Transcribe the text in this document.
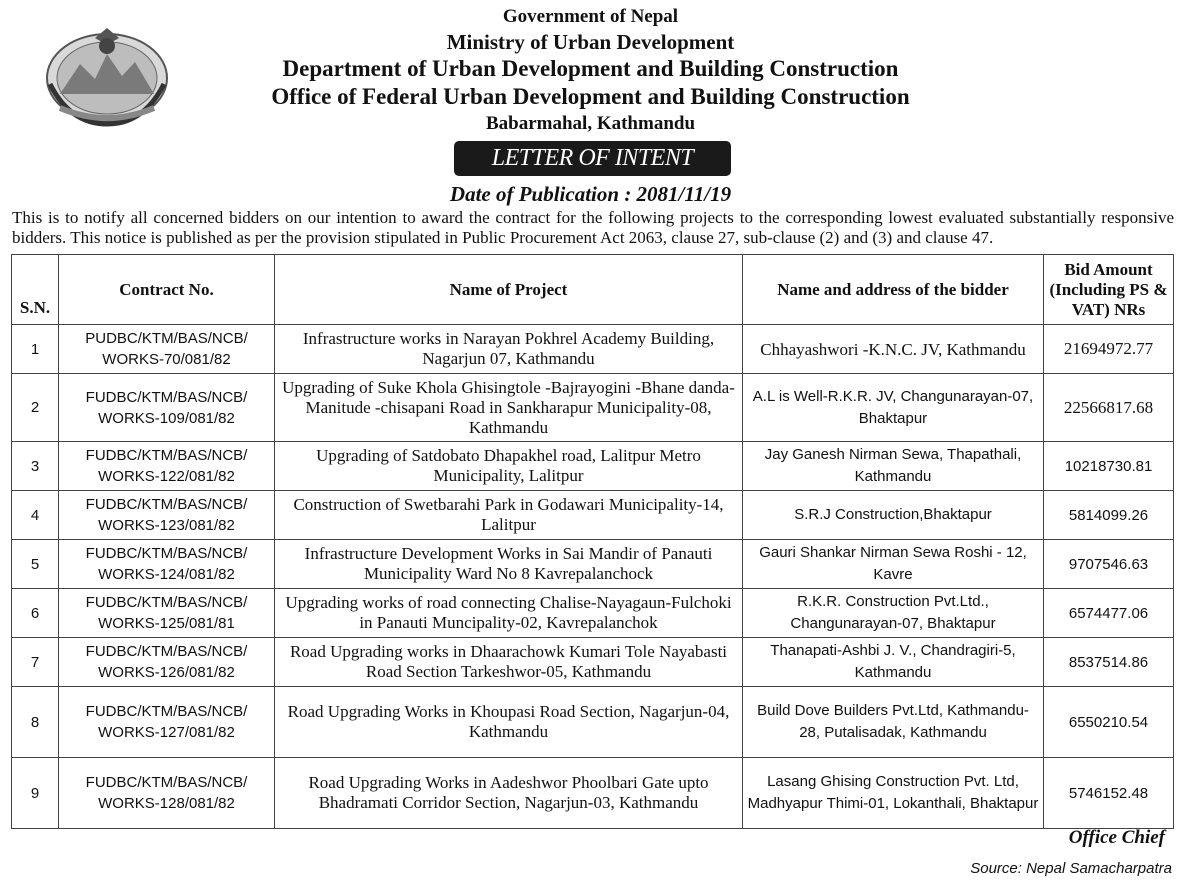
Government of Nepal
Ministry of Urban Development
Department of Urban Development and Building Construction
Office of Federal Urban Development and Building Construction
Babarmahal, Kathmandu
LETTER OF INTENT
Date of Publication : 2081/11/19
This is to notify all concerned bidders on our intention to award the contract for the following projects to the corresponding lowest evaluated substantially responsive bidders. This notice is published as per the provision stipulated in Public Procurement Act 2063, clause 27, sub-clause (2) and (3) and clause 47.
S.N.	Contract No.	Name of Project	Name and address of the bidder	Bid Amount (Including PS & VAT) NRs
1	PUDBC/KTM/BAS/NCB/ WORKS-70/081/82	Infrastructure works in Narayan Pokhrel Academy Building, Nagarjun 07, Kathmandu	Chhayashwori -K.N.C. JV, Kathmandu	21694972.77
2	FUDBC/KTM/BAS/NCB/ WORKS-109/081/82	Upgrading of Suke Khola Ghisingtole -Bajrayogini -Bhane danda- Manitude -chisapani Road in Sankharapur Municipality-08, Kathmandu	A.L is Well-R.K.R. JV, Changunarayan-07, Bhaktapur	22566817.68
3	FUDBC/KTM/BAS/NCB/ WORKS-122/081/82	Upgrading of Satdobato Dhapakhel road, Lalitpur Metro Municipality, Lalitpur	Jay Ganesh Nirman Sewa, Thapathali, Kathmandu	10218730.81
4	FUDBC/KTM/BAS/NCB/ WORKS-123/081/82	Construction of Swetbarahi Park in Godawari Municipality-14, Lalitpur	S.R.J Construction,Bhaktapur	5814099.26
5	FUDBC/KTM/BAS/NCB/ WORKS-124/081/82	Infrastructure Development Works in Sai Mandir of Panauti Municipality Ward No 8 Kavrepalanchock	Gauri Shankar Nirman Sewa Roshi - 12, Kavre	9707546.63
6	FUDBC/KTM/BAS/NCB/ WORKS-125/081/81	Upgrading works of road connecting Chalise-Nayagaun-Fulchoki in Panauti Muncipality-02, Kavrepalanchok	R.K.R. Construction Pvt.Ltd., Changunarayan-07, Bhaktapur	6574477.06
7	FUDBC/KTM/BAS/NCB/ WORKS-126/081/82	Road Upgrading works in Dhaarachowk Kumari Tole Nayabasti Road Section Tarkeshwor-05, Kathmandu	Thanapati-Ashbi J. V., Chandragiri-5, Kathmandu	8537514.86
8	FUDBC/KTM/BAS/NCB/ WORKS-127/081/82	Road Upgrading Works in Khoupasi Road Section, Nagarjun-04, Kathmandu	Build Dove Builders Pvt.Ltd, Kathmandu- 28, Putalisadak, Kathmandu	6550210.54
9	FUDBC/KTM/BAS/NCB/ WORKS-128/081/82	Road Upgrading Works in Aadeshwor Phoolbari Gate upto Bhadramati Corridor Section, Nagarjun-03, Kathmandu	Lasang Ghising Construction Pvt. Ltd, Madhyapur Thimi-01, Lokanthali, Bhaktapur	5746152.48
Office Chief
Source: Nepal Samacharpatra
